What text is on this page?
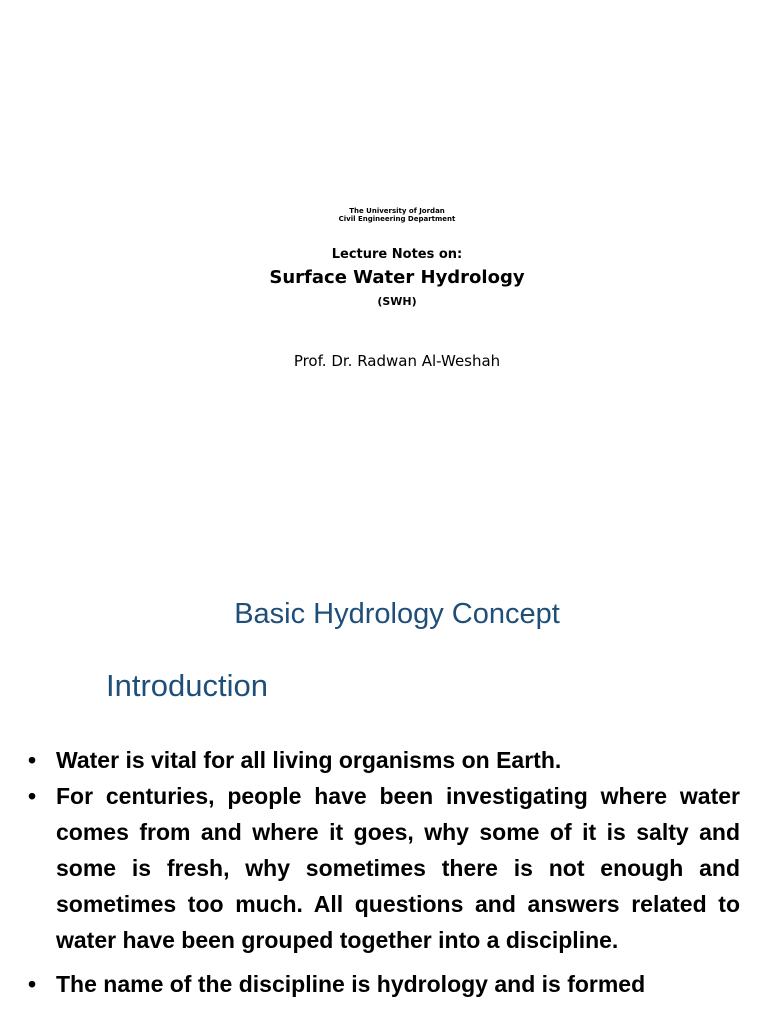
The University of Jordan
Civil Engineering Department
Lecture Notes on:
Surface Water Hydrology
(SWH)
Prof. Dr. Radwan Al-Weshah
Basic Hydrology Concept
Introduction
• Water is vital for all living organisms on Earth.
• For centuries, people have been investigating where water comes from and where it goes, why some of it is salty and some is fresh, why sometimes there is not enough and sometimes too much. All questions and answers related to water have been grouped together into a discipline.
• The name of the discipline is hydrology and is formed
